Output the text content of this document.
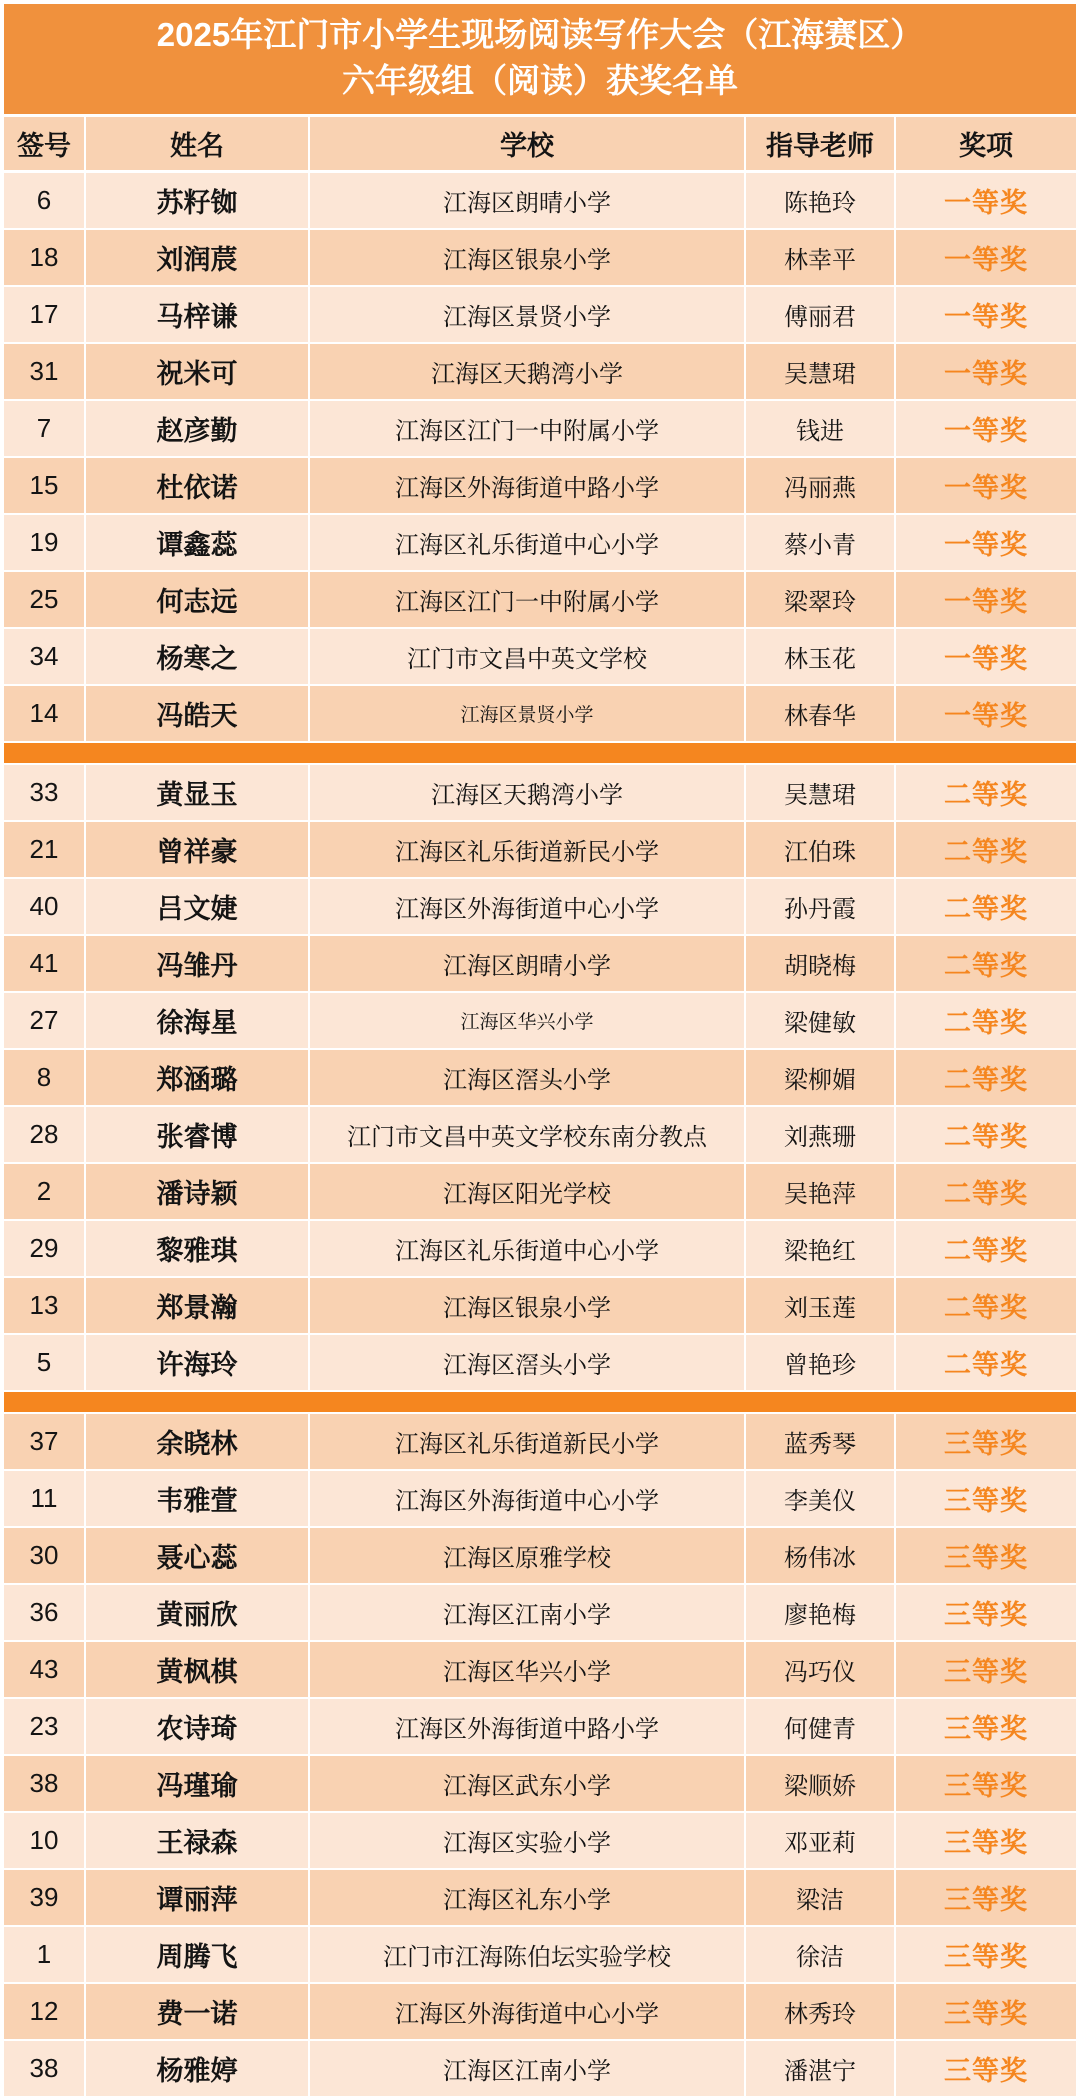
2025年江门市小学生现场阅读写作大会（江海赛区）
六年级组（阅读）获奖名单
签号	姓名	学校	指导老师	奖项
6	苏籽铷	江海区朗晴小学	陈艳玲	一等奖
18	刘润莀	江海区银泉小学	林幸平	一等奖
17	马梓谦	江海区景贤小学	傅丽君	一等奖
31	祝米可	江海区天鹅湾小学	吴慧珺	一等奖
7	赵彦勤	江海区江门一中附属小学	钱进	一等奖
15	杜依诺	江海区外海街道中路小学	冯丽燕	一等奖
19	谭鑫蕊	江海区礼乐街道中心小学	蔡小青	一等奖
25	何志远	江海区江门一中附属小学	梁翠玲	一等奖
34	杨寒之	江门市文昌中英文学校	林玉花	一等奖
14	冯皓天	江海区景贤小学	林春华	一等奖
33	黄显玉	江海区天鹅湾小学	吴慧珺	二等奖
21	曾祥豪	江海区礼乐街道新民小学	江伯珠	二等奖
40	吕文婕	江海区外海街道中心小学	孙丹霞	二等奖
41	冯雏丹	江海区朗晴小学	胡晓梅	二等奖
27	徐海星	江海区华兴小学	梁健敏	二等奖
8	郑涵璐	江海区滘头小学	梁柳媚	二等奖
28	张睿博	江门市文昌中英文学校东南分教点	刘燕珊	二等奖
2	潘诗颖	江海区阳光学校	吴艳萍	二等奖
29	黎雅琪	江海区礼乐街道中心小学	梁艳红	二等奖
13	郑景瀚	江海区银泉小学	刘玉莲	二等奖
5	许海玲	江海区滘头小学	曾艳珍	二等奖
37	余晓林	江海区礼乐街道新民小学	蓝秀琴	三等奖
11	韦雅萱	江海区外海街道中心小学	李美仪	三等奖
30	聂心蕊	江海区原雅学校	杨伟冰	三等奖
36	黄丽欣	江海区江南小学	廖艳梅	三等奖
43	黄枫棋	江海区华兴小学	冯巧仪	三等奖
23	农诗琦	江海区外海街道中路小学	何健青	三等奖
38	冯瑾瑜	江海区武东小学	梁顺娇	三等奖
10	王禄森	江海区实验小学	邓亚莉	三等奖
39	谭丽萍	江海区礼东小学	梁洁	三等奖
1	周腾飞	江门市江海陈伯坛实验学校	徐洁	三等奖
12	费一诺	江海区外海街道中心小学	林秀玲	三等奖
38	杨雅婷	江海区江南小学	潘湛宁	三等奖
